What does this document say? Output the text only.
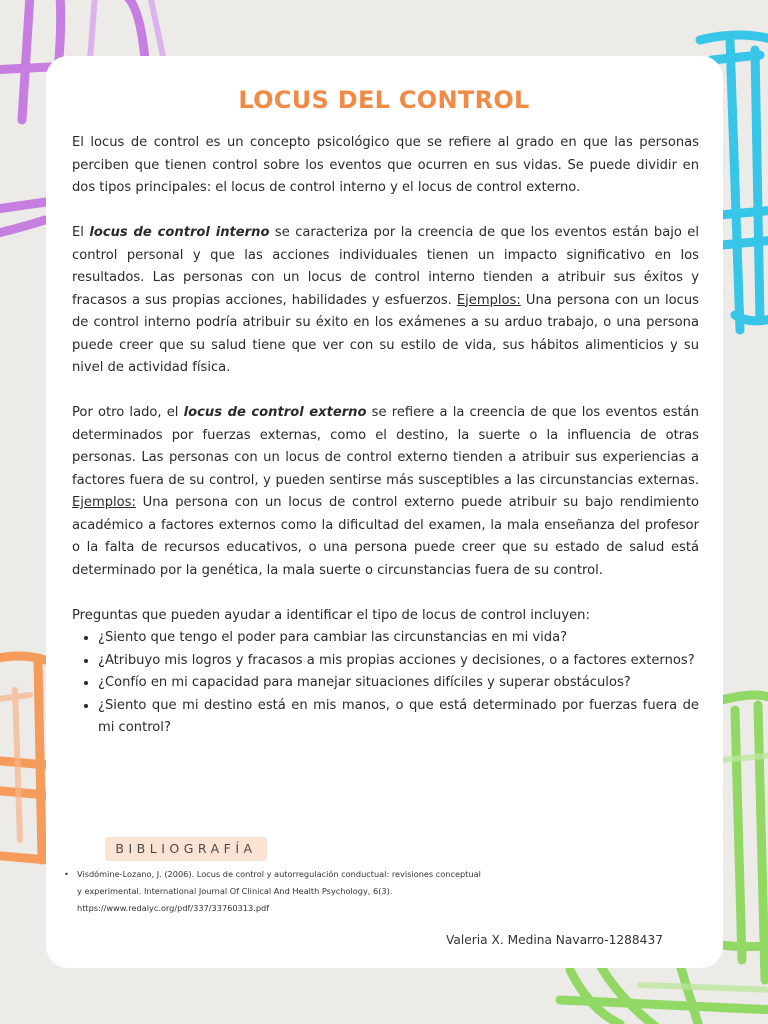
LOCUS DEL CONTROL

El locus de control es un concepto psicológico que se refiere al grado en que las personas perciben que tienen control sobre los eventos que ocurren en sus vidas. Se puede dividir en dos tipos principales: el locus de control interno y el locus de control externo.

El locus de control interno se caracteriza por la creencia de que los eventos están bajo el control personal y que las acciones individuales tienen un impacto significativo en los resultados. Las personas con un locus de control interno tienden a atribuir sus éxitos y fracasos a sus propias acciones, habilidades y esfuerzos. Ejemplos: Una persona con un locus de control interno podría atribuir su éxito en los exámenes a su arduo trabajo, o una persona puede creer que su salud tiene que ver con su estilo de vida, sus hábitos alimenticios y su nivel de actividad física.

Por otro lado, el locus de control externo se refiere a la creencia de que los eventos están determinados por fuerzas externas, como el destino, la suerte o la influencia de otras personas. Las personas con un locus de control externo tienden a atribuir sus experiencias a factores fuera de su control, y pueden sentirse más susceptibles a las circunstancias externas. Ejemplos: Una persona con un locus de control externo puede atribuir su bajo rendimiento académico a factores externos como la dificultad del examen, la mala enseñanza del profesor o la falta de recursos educativos, o una persona puede creer que su estado de salud está determinado por la genética, la mala suerte o circunstancias fuera de su control.

Preguntas que pueden ayudar a identificar el tipo de locus de control incluyen:
• ¿Siento que tengo el poder para cambiar las circunstancias en mi vida?
• ¿Atribuyo mis logros y fracasos a mis propias acciones y decisiones, o a factores externos?
• ¿Confío en mi capacidad para manejar situaciones difíciles y superar obstáculos?
• ¿Siento que mi destino está en mis manos, o que está determinado por fuerzas fuera de mi control?
BIBLIOGRAFÍA
• Visdómine-Lozano, J. (2006). Locus de control y autorregulación conductual: revisiones conceptual
y experimental. International Journal Of Clinical And Health Psychology, 6(3).
https://www.redalyc.org/pdf/337/33760313.pdf
Valeria X. Medina Navarro-1288437
